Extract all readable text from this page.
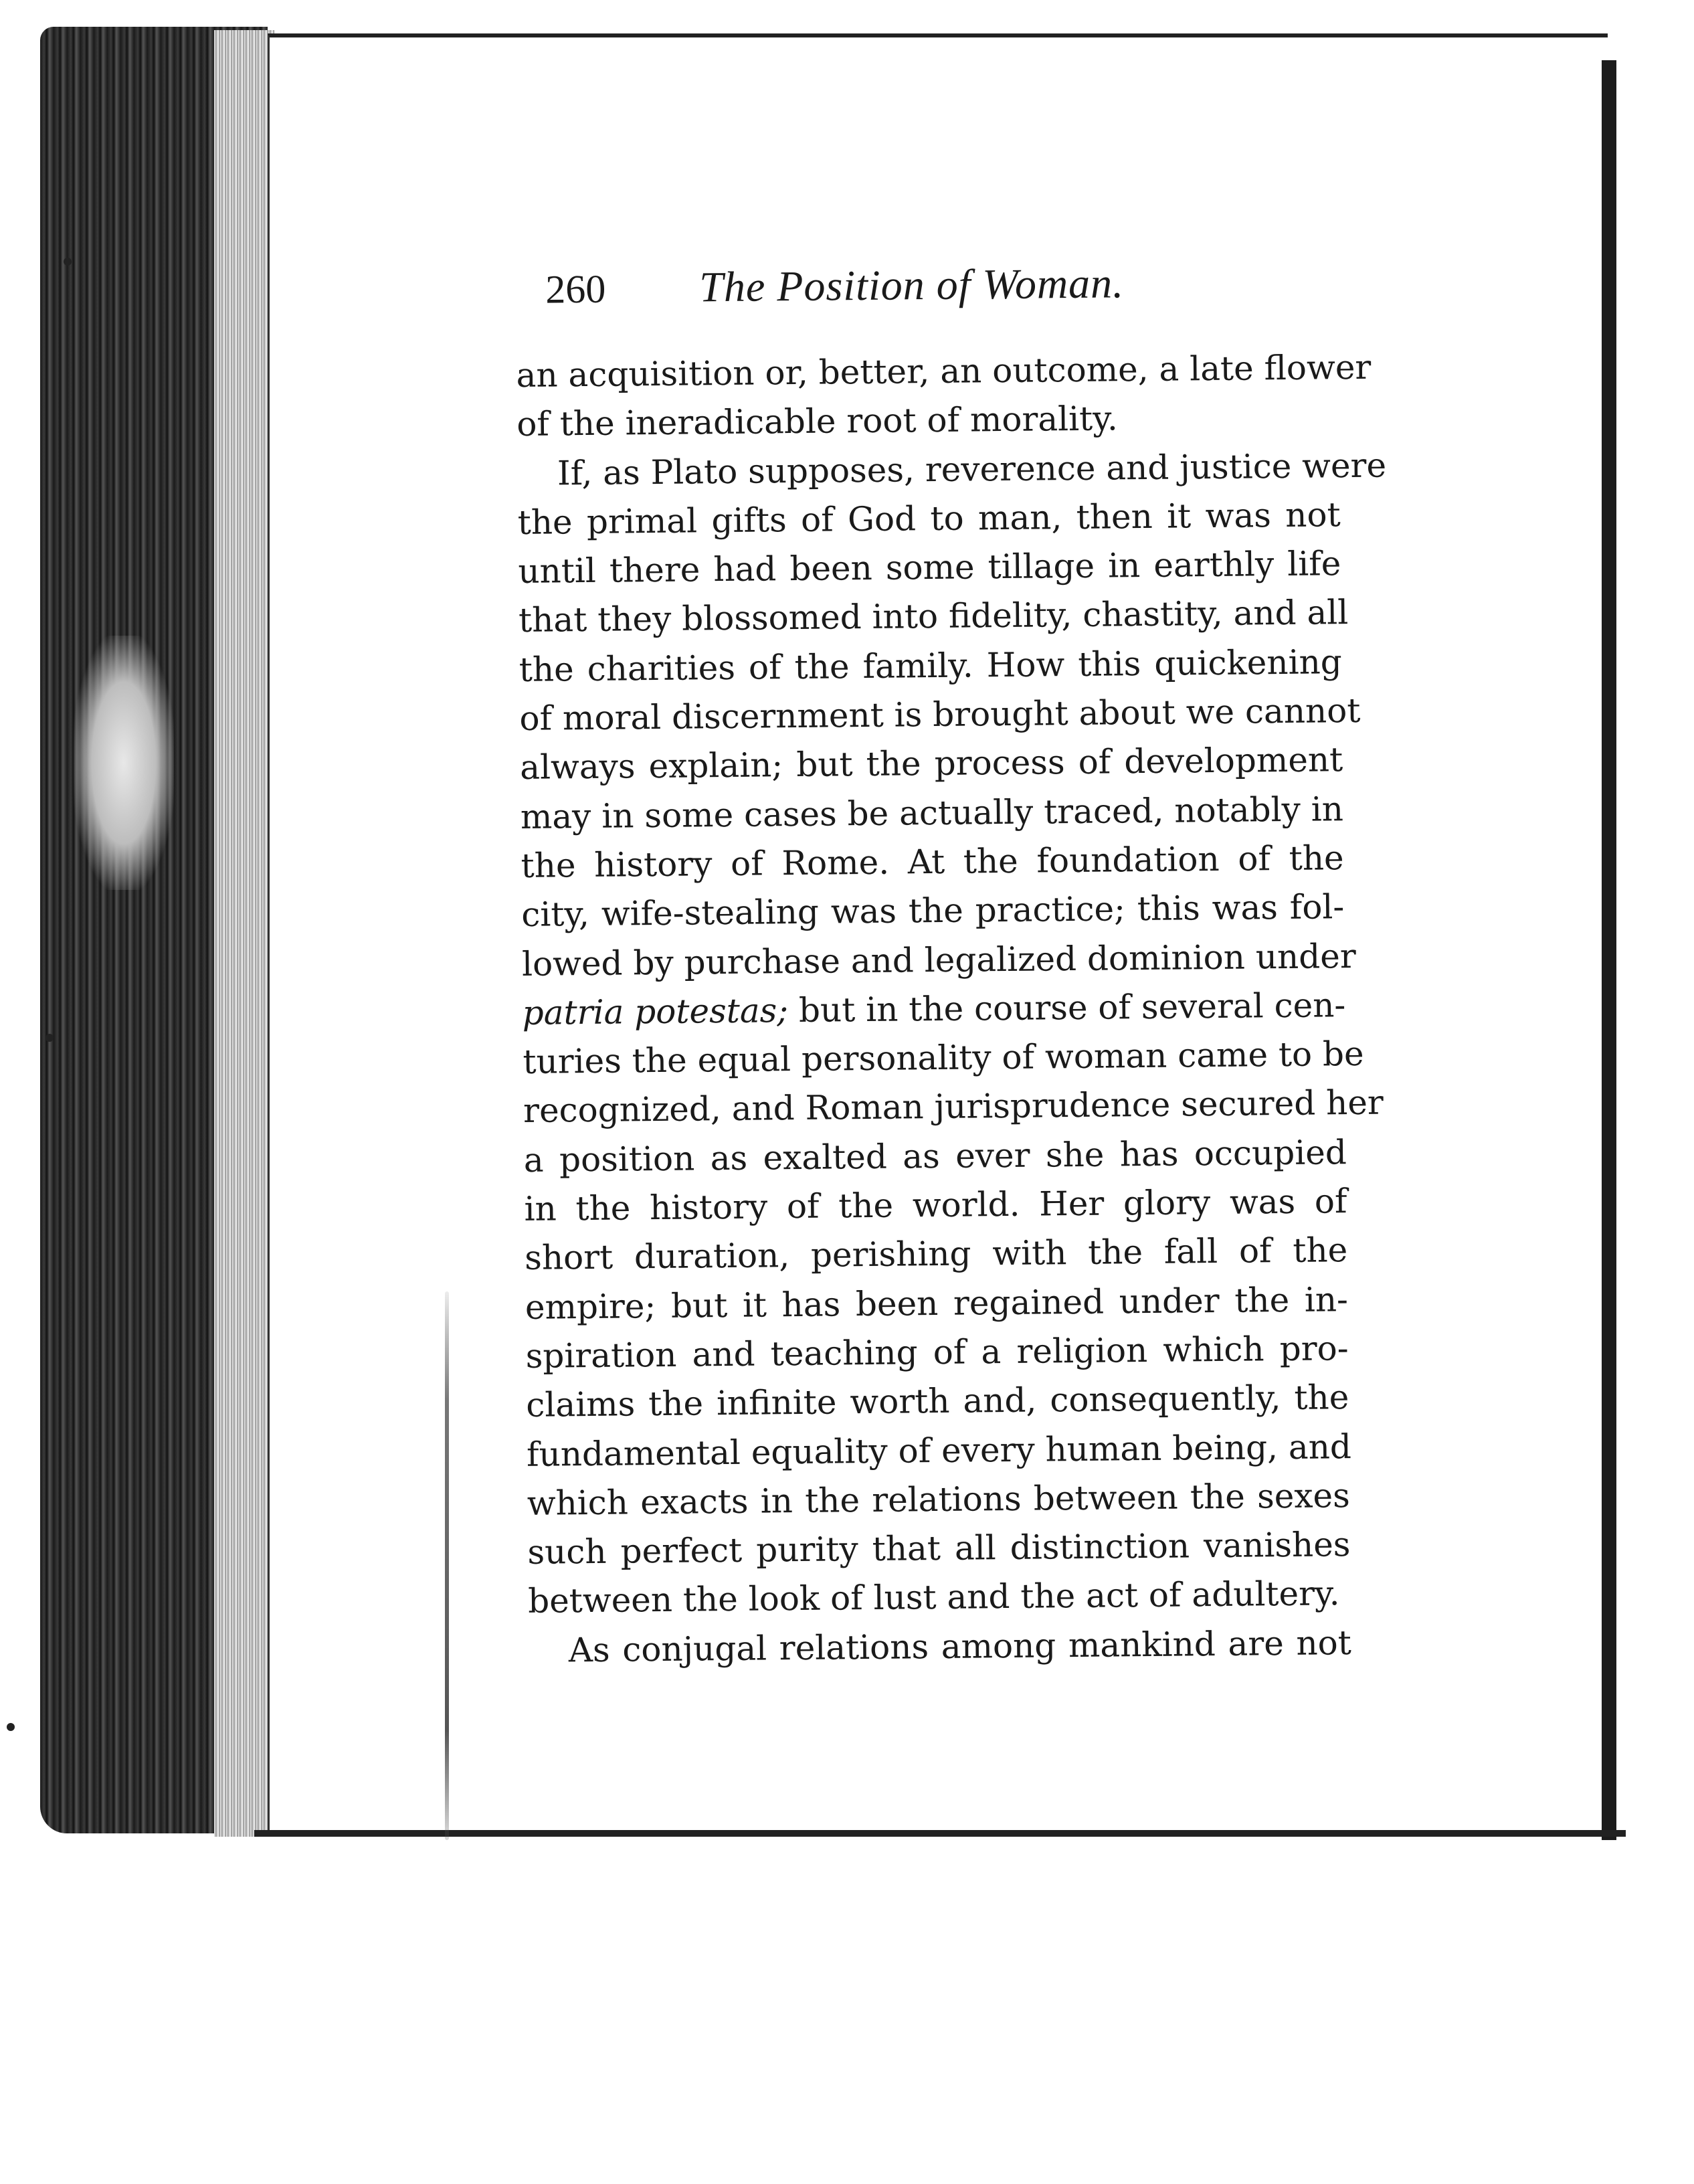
260	The Position of Woman.
an acquisition or, better, an outcome, a late flower
of the ineradicable root of morality.
If, as Plato supposes, reverence and justice were
the primal gifts of God to man, then it was not
until there had been some tillage in earthly life
that they blossomed into fidelity, chastity, and all
the charities of the family. How this quickening
of moral discernment is brought about we cannot
always explain; but the process of development
may in some cases be actually traced, notably in
the history of Rome. At the foundation of the
city, wife-stealing was the practice; this was fol-
lowed by purchase and legalized dominion under
patria potestas; but in the course of several cen-
turies the equal personality of woman came to be
recognized, and Roman jurisprudence secured her
a position as exalted as ever she has occupied
in the history of the world. Her glory was of
short duration, perishing with the fall of the
empire; but it has been regained under the in-
spiration and teaching of a religion which pro-
claims the infinite worth and, consequently, the
fundamental equality of every human being, and
which exacts in the relations between the sexes
such perfect purity that all distinction vanishes
between the look of lust and the act of adultery.
As conjugal relations among mankind are not
